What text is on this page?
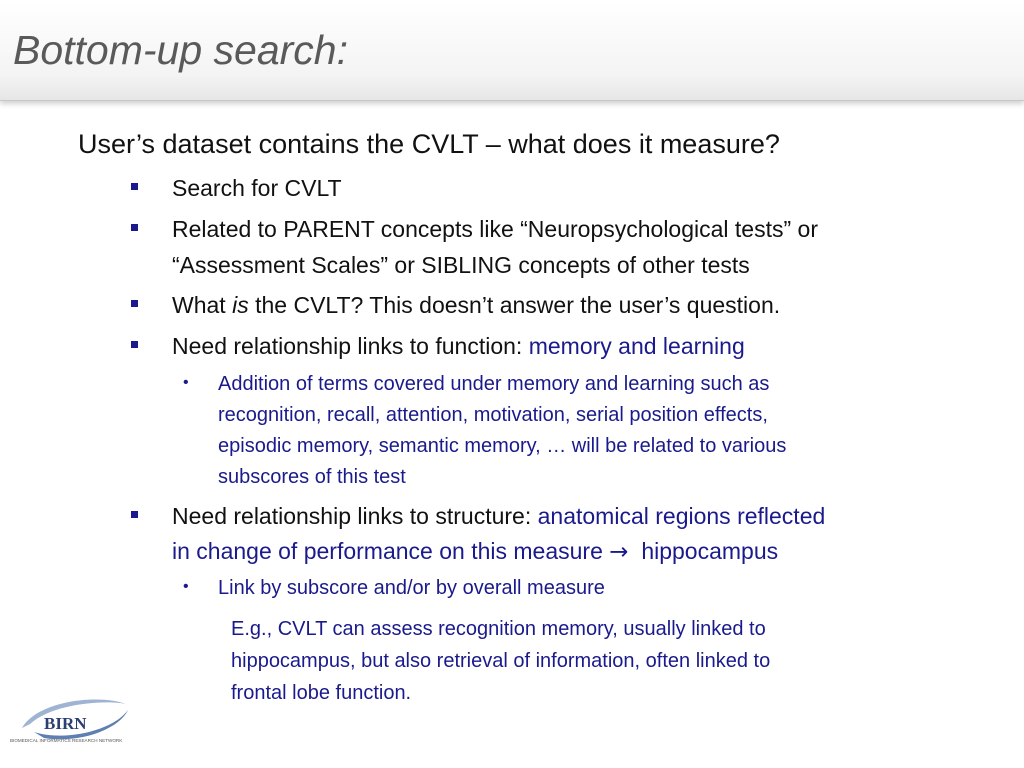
Bottom-up search:
User’s dataset contains the CVLT – what does it measure?
Search for CVLT
Related to PARENT concepts like “Neuropsychological tests” or
“Assessment Scales” or SIBLING concepts of other tests
What is the CVLT? This doesn’t answer the user’s question.
Need relationship links to function: memory and learning
• Addition of terms covered under memory and learning such as
recognition, recall, attention, motivation, serial position effects,
episodic memory, semantic memory, … will be related to various
subscores of this test
Need relationship links to structure: anatomical regions reflected
in change of performance on this measure → hippocampus
• Link by subscore and/or by overall measure
E.g., CVLT can assess recognition memory, usually linked to
hippocampus, but also retrieval of information, often linked to
frontal lobe function.
BIRN
BIOMEDICAL INFORMATICS RESEARCH NETWORK
